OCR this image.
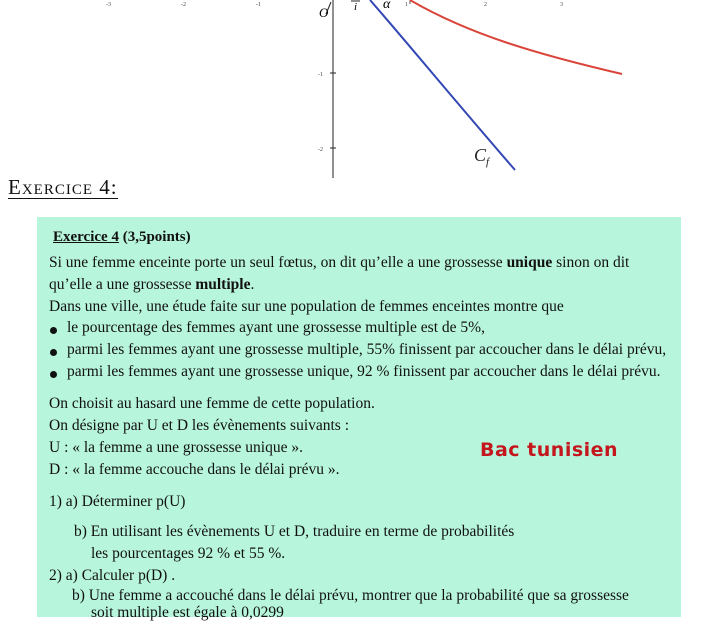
-3	-2	-1	1	2	3
-1
-2
O i α
$C_f$
Exercice 4:
Exercice 4 (3,5points)
Si une femme enceinte porte un seul fœtus, on dit qu’elle a une grossesse unique sinon on dit
qu’elle a une grossesse multiple.
Dans une ville, une étude faite sur une population de femmes enceintes montre que
le pourcentage des femmes ayant une grossesse multiple est de 5%,
parmi les femmes ayant une grossesse multiple, 55% finissent par accoucher dans le délai prévu,
parmi les femmes ayant une grossesse unique, 92 % finissent par accoucher dans le délai prévu.
On choisit au hasard une femme de cette population.
On désigne par U et D les évènements suivants :
U : « la femme a une grossesse unique ».
D : « la femme accouche dans le délai prévu ».
Bac tunisien
1) a) Déterminer p(U)
b) En utilisant les évènements U et D, traduire en terme de probabilités
les pourcentages 92 % et 55 %.
2) a) Calculer p(D) .
b) Une femme a accouché dans le délai prévu, montrer que la probabilité que sa grossesse
soit multiple est égale à 0,0299
